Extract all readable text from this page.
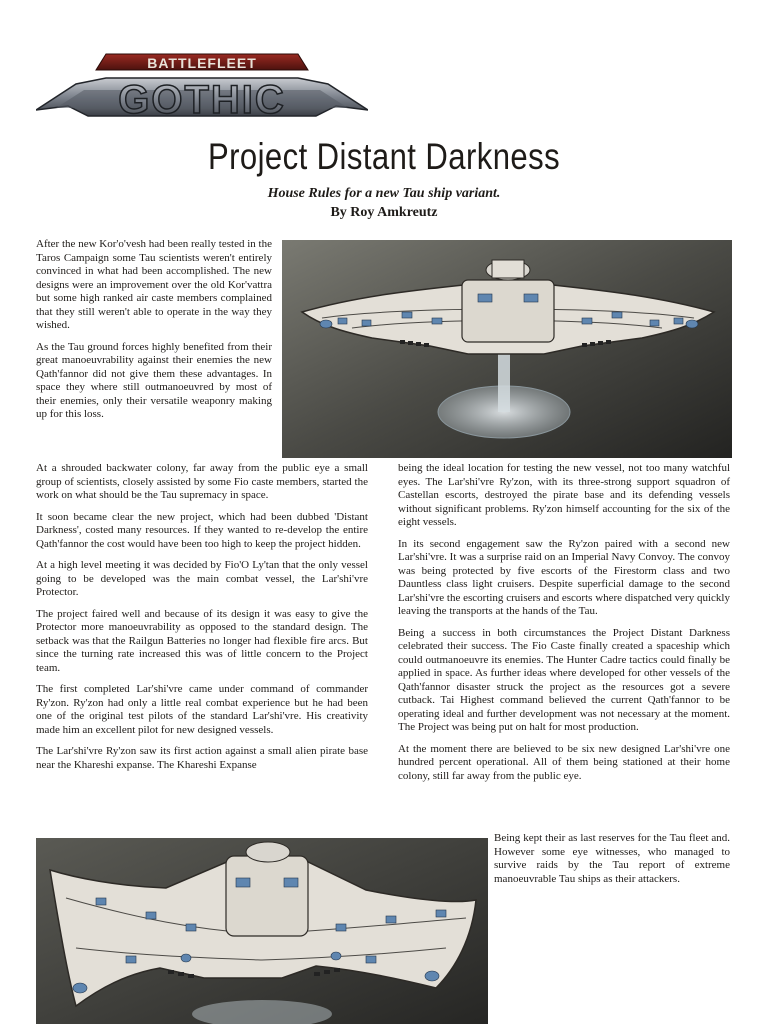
BATTLEFLEET
GOTHIC
Project Distant Darkness
House Rules for a new Tau ship variant.
By Roy Amkreutz

After the new Kor'o'vesh had been really tested in the Taros Campaign some Tau scientists weren't entirely convinced in what had been accomplished. The new designs were an improvement over the old Kor'vattra but some high ranked air caste members complained that they still weren't able to operate in the way they wished.

As the Tau ground forces highly benefited from their great manoeuvrability against their enemies the new Qath'fannor did not give them these advantages. In space they where still outmanoeuvred by most of their enemies, only their versatile weaponry making up for this loss.

At a shrouded backwater colony, far away from the public eye a small group of scientists, closely assisted by some Fio caste members, started the work on what should be the Tau supremacy in space.

It soon became clear the new project, which had been dubbed 'Distant Darkness', costed many resources. If they wanted to re-develop the entire Qath'fannor the cost would have been too high to keep the project hidden.

At a high level meeting it was decided by Fio'O Ly'tan that the only vessel going to be developed was the main combat vessel, the Lar'shi'vre Protector.

The project faired well and because of its design it was easy to give the Protector more manoeuvrability as opposed to the standard design. The setback was that the Railgun Batteries no longer had flexible fire arcs. But since the turning rate increased this was of little concern to the Project team.

The first completed Lar'shi'vre came under command of commander Ry'zon. Ry'zon had only a little real combat experience but he had been one of the original test pilots of the standard Lar'shi'vre. His creativity made him an excellent pilot for new designed vessels.

The Lar'shi'vre Ry'zon saw its first action against a small alien pirate base near the Khareshi expanse. The Khareshi Expanse

being the ideal location for testing the new vessel, not too many watchful eyes. The Lar'shi'vre Ry'zon, with its three-strong support squadron of Castellan escorts, destroyed the pirate base and its defending vessels without significant problems. Ry'zon himself accounting for the six of the eight vessels.

In its second engagement saw the Ry'zon paired with a second new Lar'shi'vre. It was a surprise raid on an Imperial Navy Convoy. The convoy was being protected by five escorts of the Firestorm class and two Dauntless class light cruisers. Despite superficial damage to the second Lar'shi'vre the escorting cruisers and escorts where dispatched very quickly leaving the transports at the hands of the Tau.

Being a success in both circumstances the Project Distant Darkness celebrated their success. The Fio Caste finally created a spaceship which could outmanoeuvre its enemies. The Hunter Cadre tactics could finally be applied in space. As further ideas where developed for other vessels of the Qath'fannor disaster struck the project as the resources got a severe cutback. Tai Highest command believed the current Qath'fannor to be operating ideal and further development was not necessary at the moment. The Project was being put on halt for most production.

At the moment there are believed to be six new designed Lar'shi'vre one hundred percent operational. All of them being stationed at their home colony, still far away from the public eye.

Being kept their as last reserves for the Tau fleet and. However some eye witnesses, who managed to survive raids by the Tau report of extreme manoeuvrable Tau ships as their attackers.
